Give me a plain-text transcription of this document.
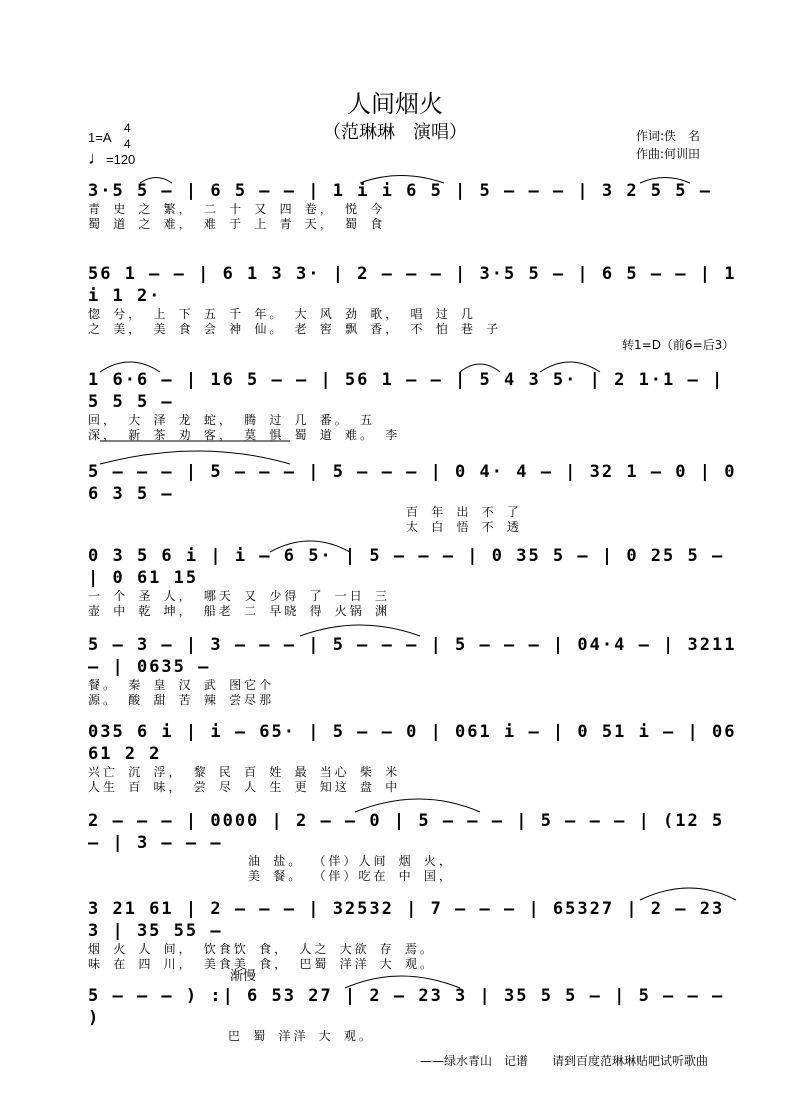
人间烟火
（范琳琳　演唱）
1=A
4
4
♩=120
作词:佚　名
作曲:何训田
转1=D（前6=后3）
渐慢
3·5 5 – | 6 5 – – | 1 i i 6 5 | 5 – – – | 3 2 5 5 –
青 史 之 繁， 二 十 又 四 卷， 悦 今
蜀 道 之 难， 难 于 上 青 天， 蜀 食
56 1 – – | 6 1 3 3· | 2 – – – | 3·5 5 – | 6 5 – – | 1 i 1 2·
惚 兮， 上 下 五 千 年。 大 风 劲 歌， 唱 过 几
之 美， 美 食 会 神 仙。 老 窖 飘 香， 不 怕 巷 子
1 6·6 – | 16 5 – – | 56 1 – – | 5 4 3 5· | 2 1·1 – | 5 5 5 –
回， 大 泽 龙 蛇， 腾 过 几 番。 五
深， 新 茶 劝 客， 莫 惧 蜀 道 难。 李
5 – – – | 5 – – – | 5 – – – | 0 4· 4 – | 32 1 – 0 | 0 6 3 5 –
百 年 出 不 了
太 白 悟 不 透
0 3 5 6 i | i – 6 5· | 5 – – – | 0 35 5 – | 0 25 5 – | 0 61 15
一 个 圣 人， 哪天 又 少得 了 一日 三
壶 中 乾 坤， 船老 二 早晓 得 火锅 渊
5 – 3 – | 3 – – – | 5 – – – | 5 – – – | 04·4 – | 3211 – | 0635 –
餐。 秦 皇 汉 武 图它个
源。 酸 甜 苦 辣 尝尽那
035 6 i | i – 65· | 5 – – 0 | 061 i – | 0 51 i – | 06 61 2 2
兴亡 沉 浮， 黎 民 百 姓 最 当心 柴 米
人生 百 味， 尝 尽 人 生 更 知这 盘 中
2 – – – | 0000 | 2 – – 0 | 5 – – – | 5 – – – | (12 5 – | 3 – – –
油 盐。 （伴）人间 烟 火，
美 餐。 （伴）吃在 中 国，
3 21 61 | 2 – – – | 32532 | 7 – – – | 65327 | 2 – 23 3 | 35 55 –
烟 火 人 间， 饮食饮 食， 人之 大欲 存 焉。
味 在 四 川， 美食美 食， 巴蜀 洋洋 大 观。
5 – – – ) :| 6 53 27 | 2 – 23 3 | 35 5 5 – | 5 – – – )
巴 蜀 洋洋 大 观。
——绿水青山　记谱　　请到百度范琳琳贴吧试听歌曲
